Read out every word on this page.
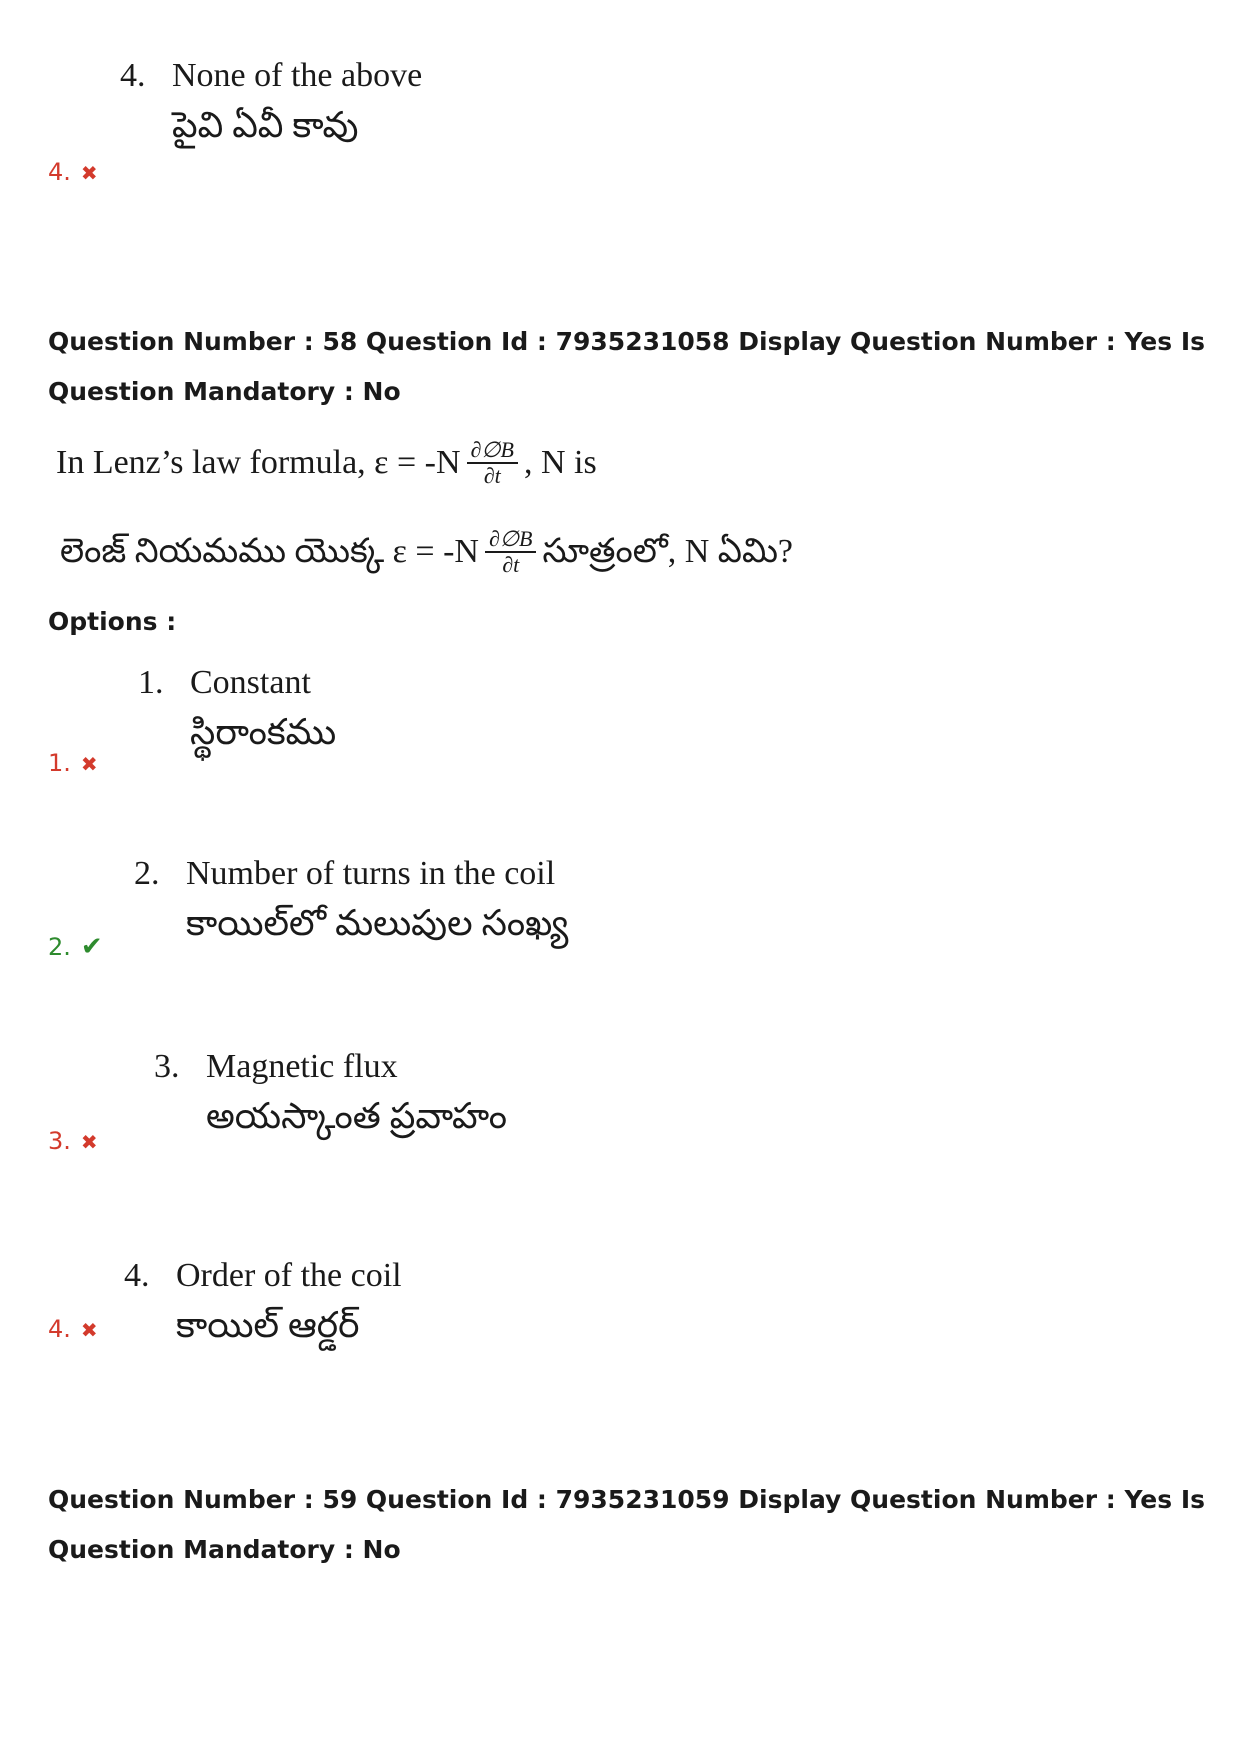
4. None of the above
పైవి ఏవీ కావు
4. ✖
Question Number : 58 Question Id : 7935231058 Display Question Number : Yes Is Question Mandatory : No
In Lenz’s law formula, $\varepsilon = -N \frac{\partial\emptyset B}{\partial t}$ , N is
లెంజ్ నియమము యొక్క $\varepsilon = -N \frac{\partial\emptyset B}{\partial t}$ సూత్రంలో, N ఏమి?
Options :
1. Constant
స్థిరాంకము
1. ✖
2. Number of turns in the coil
కాయిల్‌లో మలుపుల సంఖ్య
2. ✔
3. Magnetic flux
అయస్కాంత ప్రవాహం
3. ✖
4. Order of the coil
కాయిల్ ఆర్డర్
4. ✖
Question Number : 59 Question Id : 7935231059 Display Question Number : Yes Is Question Mandatory : No
